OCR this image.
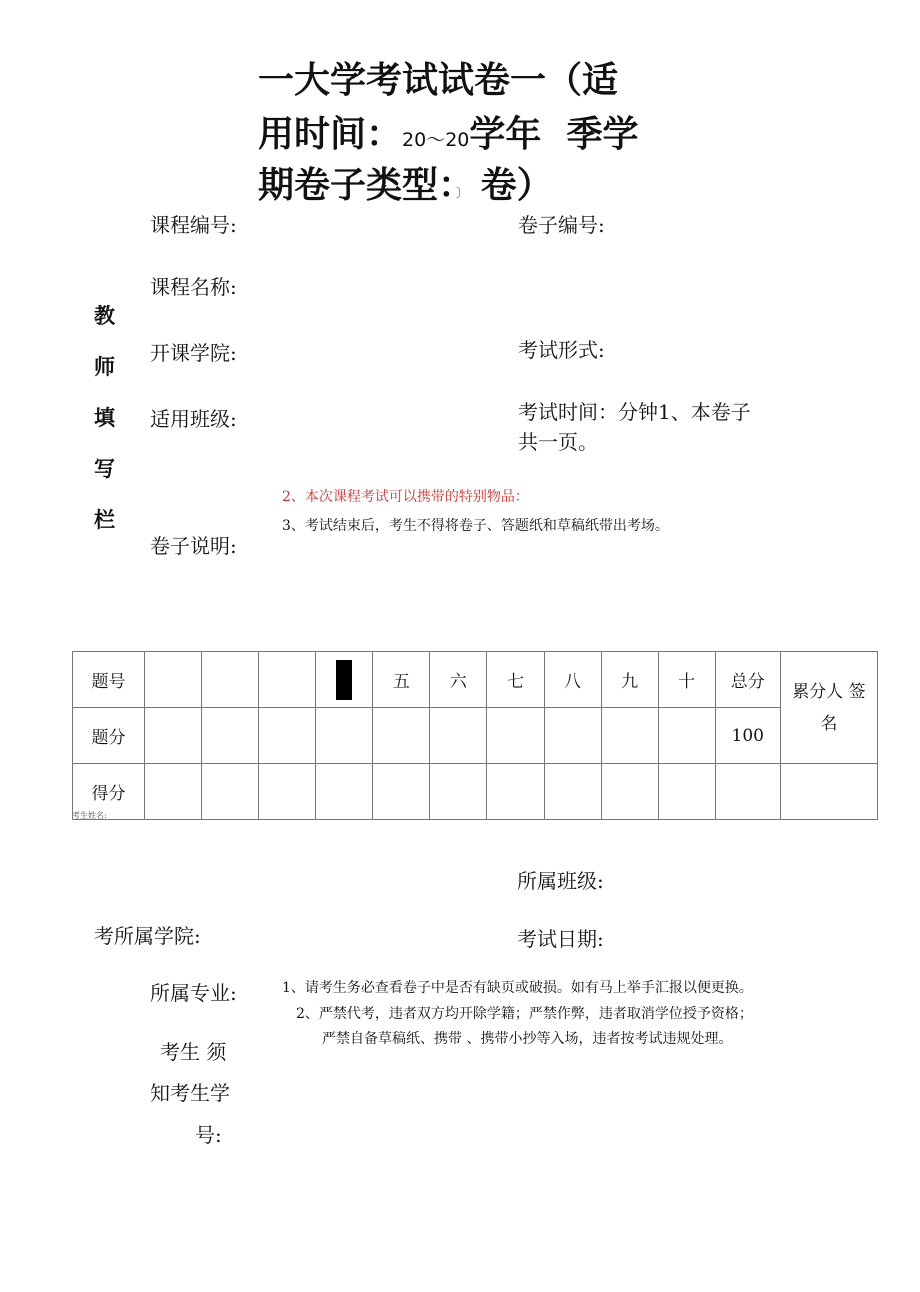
一大学考试试卷一（适
用时间：20〜20学年 季学
期卷子类型：〕 卷）
教
师
填
写
栏
课程编号:	卷子编号:
课程名称:
开课学院:	考试形式:
适用班级:	考试时间：分钟1、本卷子
共一页。
卷子说明:
2、本次课程考试可以携带的特别物品：
3、考试结束后，考生不得将卷子、答题纸和草稿纸带出考场。
题号					五	六	七	八	九	十	总分	累分人 签名
题分											100	
得分												
考生姓名:
所属班级:
考所属学院:	考试日期:
所属专业:
考生 须
知考生学
号:
1、请考生务必查看卷子中是否有缺页或破损。如有马上举手汇报以便更换。
2、严禁代考，违者双方均开除学籍；严禁作弊，违者取消学位授予资格；
严禁自备草稿纸、携带 、携带小抄等入场，违者按考试违规处理。
